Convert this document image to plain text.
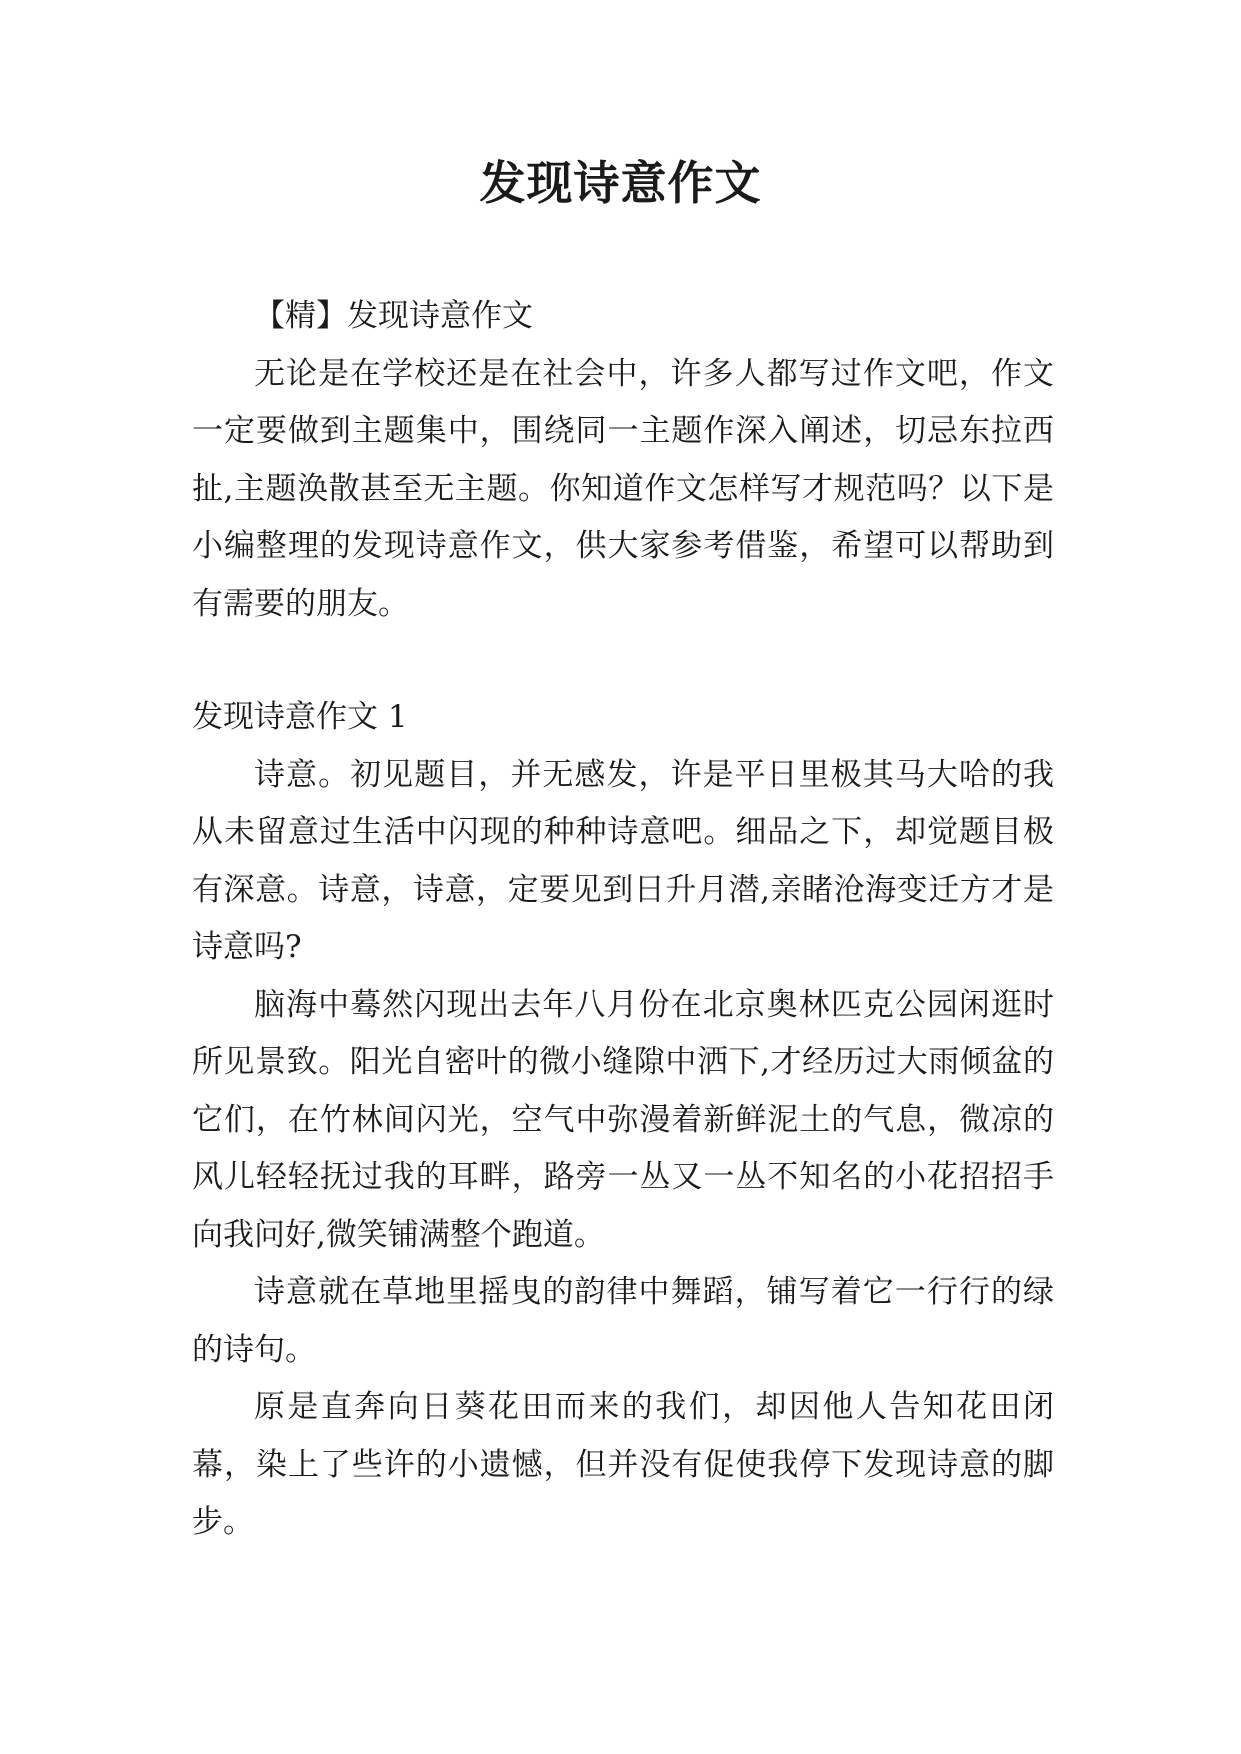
发现诗意作文

【精】发现诗意作文

无论是在学校还是在社会中，许多人都写过作文吧，作文一定要做到主题集中，围绕同一主题作深入阐述，切忌东拉西扯,主题涣散甚至无主题。你知道作文怎样写才规范吗？以下是小编整理的发现诗意作文，供大家参考借鉴，希望可以帮助到有需要的朋友。

发现诗意作文 1

诗意。初见题目，并无感发，许是平日里极其马大哈的我从未留意过生活中闪现的种种诗意吧。细品之下，却觉题目极有深意。诗意，诗意，定要见到日升月潜,亲睹沧海变迁方才是诗意吗?

脑海中蓦然闪现出去年八月份在北京奥林匹克公园闲逛时所见景致。阳光自密叶的微小缝隙中洒下,才经历过大雨倾盆的它们，在竹林间闪光，空气中弥漫着新鲜泥土的气息，微凉的风儿轻轻抚过我的耳畔，路旁一丛又一丛不知名的小花招招手向我问好,微笑铺满整个跑道。

诗意就在草地里摇曳的韵律中舞蹈，铺写着它一行行的绿的诗句。

原是直奔向日葵花田而来的我们，却因他人告知花田闭幕，染上了些许的小遗憾，但并没有促使我停下发现诗意的脚步。
